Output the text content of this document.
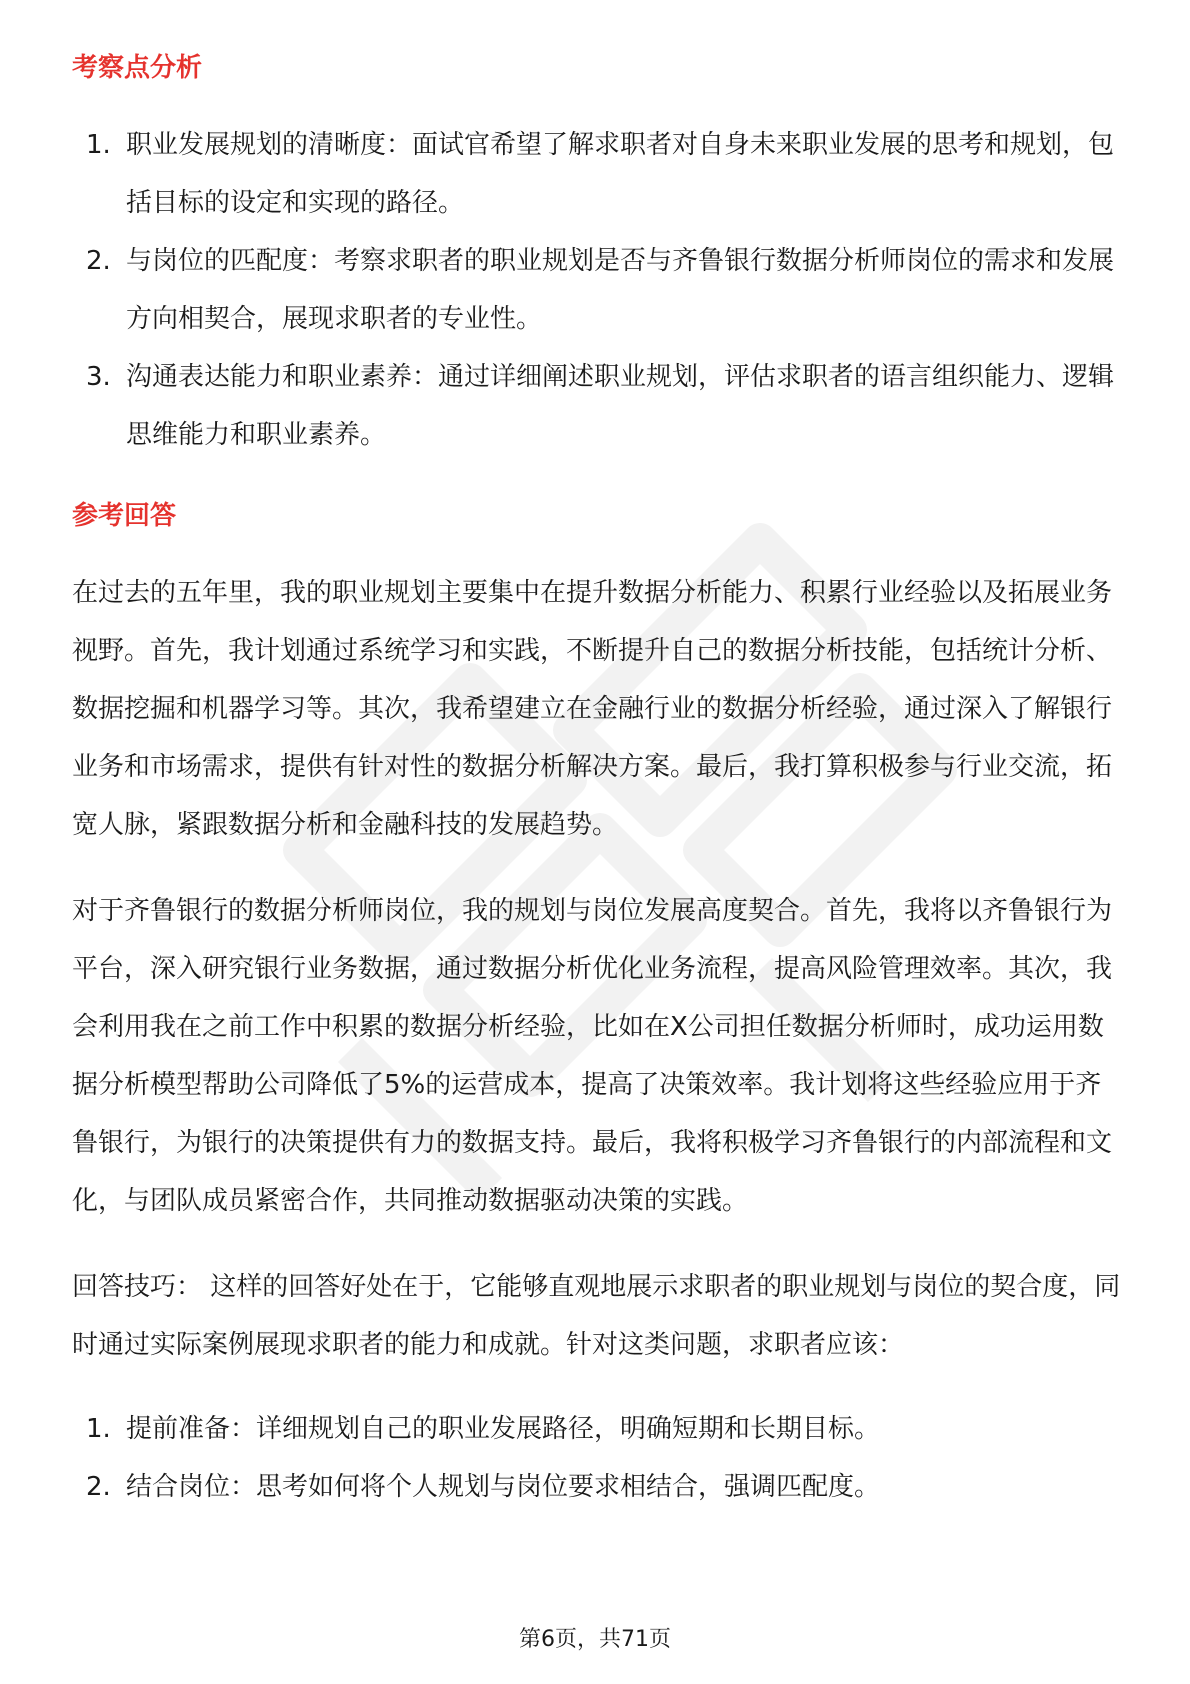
考察点分析
1. 职业发展规划的清晰度：面试官希望了解求职者对自身未来职业发展的思考和规划，包括目标的设定和实现的路径。
2. 与岗位的匹配度：考察求职者的职业规划是否与齐鲁银行数据分析师岗位的需求和发展方向相契合，展现求职者的专业性。
3. 沟通表达能力和职业素养：通过详细阐述职业规划，评估求职者的语言组织能力、逻辑思维能力和职业素养。
参考回答

在过去的五年里，我的职业规划主要集中在提升数据分析能力、积累行业经验以及拓展业务视野。首先，我计划通过系统学习和实践，不断提升自己的数据分析技能，包括统计分析、数据挖掘和机器学习等。其次，我希望建立在金融行业的数据分析经验，通过深入了解银行业务和市场需求，提供有针对性的数据分析解决方案。最后，我打算积极参与行业交流，拓宽人脉，紧跟数据分析和金融科技的发展趋势。

对于齐鲁银行的数据分析师岗位，我的规划与岗位发展高度契合。首先，我将以齐鲁银行为平台，深入研究银行业务数据，通过数据分析优化业务流程，提高风险管理效率。其次，我会利用我在之前工作中积累的数据分析经验，比如在X公司担任数据分析师时，成功运用数据分析模型帮助公司降低了5%的运营成本，提高了决策效率。我计划将这些经验应用于齐鲁银行，为银行的决策提供有力的数据支持。最后，我将积极学习齐鲁银行的内部流程和文化，与团队成员紧密合作，共同推动数据驱动决策的实践。

回答技巧： 这样的回答好处在于，它能够直观地展示求职者的职业规划与岗位的契合度，同时通过实际案例展现求职者的能力和成就。针对这类问题，求职者应该：

1. 提前准备：详细规划自己的职业发展路径，明确短期和长期目标。
2. 结合岗位：思考如何将个人规划与岗位要求相结合，强调匹配度。
第6页，共71页
